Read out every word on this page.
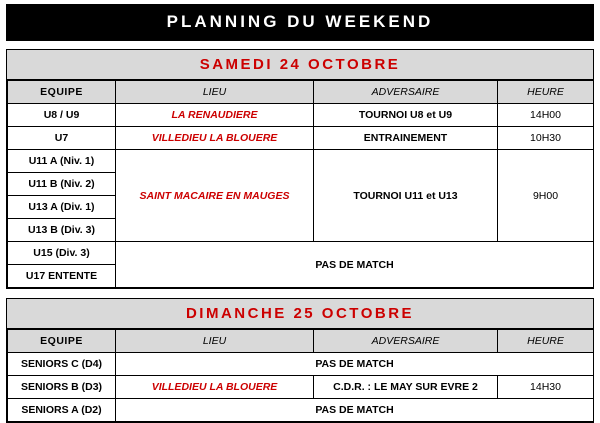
PLANNING DU WEEKEND
SAMEDI 24 OCTOBRE
EQUIPE	LIEU	ADVERSAIRE	HEURE
U8 / U9	LA RENAUDIERE	TOURNOI U8 et U9	14H00
U7	VILLEDIEU LA BLOUERE	ENTRAINEMENT	10H30
U11 A (Niv. 1)	SAINT MACAIRE EN MAUGES	TOURNOI U11 et U13	9H00
U11 B (Niv. 2)			
U13 A (Div. 1)			
U13 B (Div. 3)			
U15 (Div. 3)	PAS DE MATCH		
U17 ENTENTE			
DIMANCHE 25 OCTOBRE
EQUIPE	LIEU	ADVERSAIRE	HEURE
SENIORS C (D4)	PAS DE MATCH		
SENIORS B (D3)	VILLEDIEU LA BLOUERE	C.D.R. : LE MAY SUR EVRE 2	14H30
SENIORS A (D2)	PAS DE MATCH		
